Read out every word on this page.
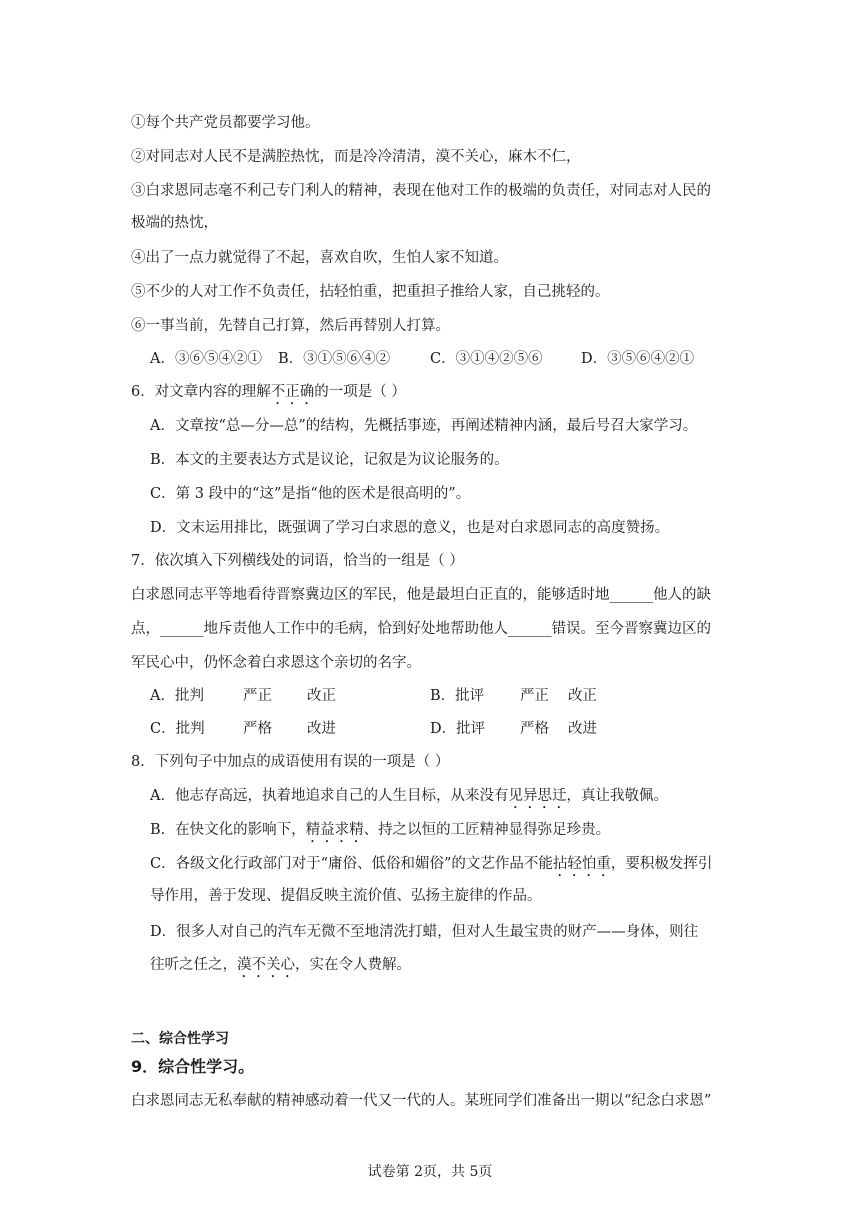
①每个共产党员都要学习他。
②对同志对人民不是满腔热忱，而是冷冷清清，漠不关心，麻木不仁，
③白求恩同志毫不利己专门利人的精神，表现在他对工作的极端的负责任，对同志对人民的
极端的热忱，
④出了一点力就觉得了不起，喜欢自吹，生怕人家不知道。
⑤不少的人对工作不负责任，拈轻怕重，把重担子推给人家，自己挑轻的。
⑥一事当前，先替自己打算，然后再替别人打算。
A．③⑥⑤④②① B．③①⑤⑥④②	C．③①④②⑤⑥	D．③⑤⑥④②①
6．对文章内容的理解不正确的一项是（ ）
A．文章按“总—分—总”的结构，先概括事迹，再阐述精神内涵，最后号召大家学习。
B．本文的主要表达方式是议论，记叙是为议论服务的。
C．第 3 段中的“这”是指“他的医术是很高明的”。
D．文末运用排比，既强调了学习白求恩的意义，也是对白求恩同志的高度赞扬。
7．依次填入下列横线处的词语，恰当的一组是（ ）
白求恩同志平等地看待晋察冀边区的军民，他是最坦白正直的，能够适时地______他人的缺
点，______地斥责他人工作中的毛病，恰到好处地帮助他人______错误。至今晋察冀边区的
军民心中，仍怀念着白求恩这个亲切的名字。
A．批判	严正 改正	B．批评 严正 改正
C．批判	严格 改进	D．批评 严格 改进
8．下列句子中加点的成语使用有误的一项是（ ）
A．他志存高远，执着地追求自己的人生目标，从来没有见异思迁，真让我敬佩。
B．在快文化的影响下，精益求精、持之以恒的工匠精神显得弥足珍贵。
C．各级文化行政部门对于“庸俗、低俗和媚俗”的文艺作品不能拈轻怕重，要积极发挥引
导作用，善于发现、提倡反映主流价值、弘扬主旋律的作品。
D．很多人对自己的汽车无微不至地清洗打蜡，但对人生最宝贵的财产——身体，则往
往听之任之，漠不关心，实在令人费解。
二、综合性学习
9．综合性学习。
白求恩同志无私奉献的精神感动着一代又一代的人。某班同学们准备出一期以“纪念白求恩”
试卷第 2页，共 5页
